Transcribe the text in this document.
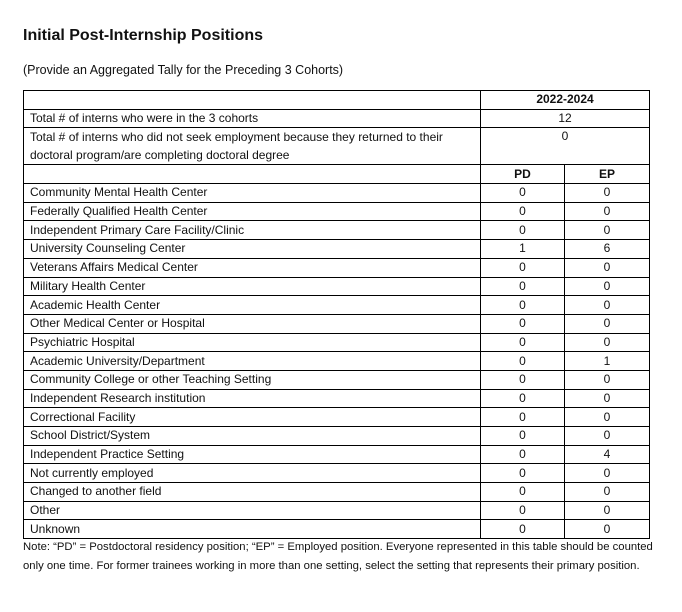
Initial Post-Internship Positions
(Provide an Aggregated Tally for the Preceding 3 Cohorts)
	2022-2024	
Total # of interns who were in the 3 cohorts	12	
Total # of interns who did not seek employment because they returned to their doctoral program/are completing doctoral degree	0	
	PD	EP
Community Mental Health Center	0	0
Federally Qualified Health Center	0	0
Independent Primary Care Facility/Clinic	0	0
University Counseling Center	1	6
Veterans Affairs Medical Center	0	0
Military Health Center	0	0
Academic Health Center	0	0
Other Medical Center or Hospital	0	0
Psychiatric Hospital	0	0
Academic University/Department	0	1
Community College or other Teaching Setting	0	0
Independent Research institution	0	0
Correctional Facility	0	0
School District/System	0	0
Independent Practice Setting	0	4
Not currently employed	0	0
Changed to another field	0	0
Other	0	0
Unknown	0	0
Note: “PD” = Postdoctoral residency position; “EP” = Employed position. Everyone represented in this table should be counted only one time. For former trainees working in more than one setting, select the setting that represents their primary position.
